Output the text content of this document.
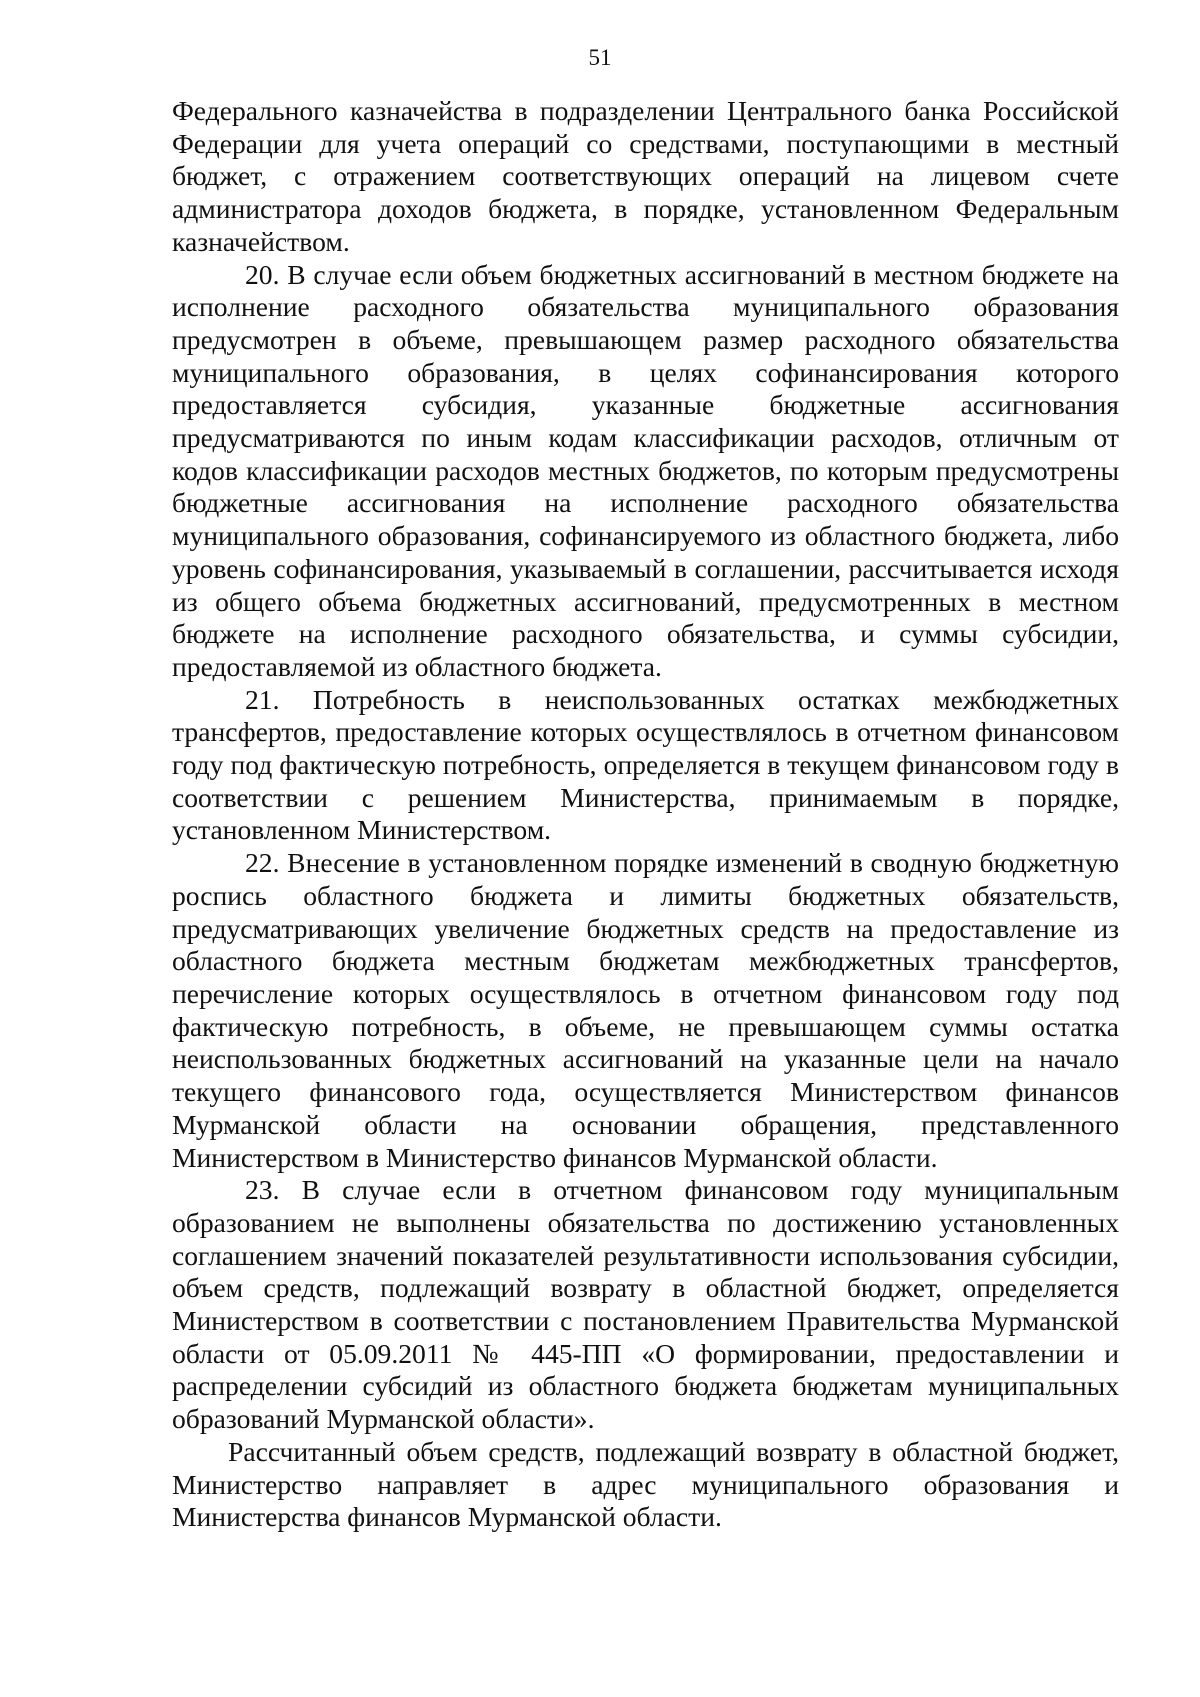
51

Федерального казначейства в подразделении Центрального банка Российской Федерации для учета операций со средствами, поступающими в местный бюджет, с отражением соответствующих операций на лицевом счете администратора доходов бюджета, в порядке, установленном Федеральным казначейством.

20. В случае если объем бюджетных ассигнований в местном бюджете на исполнение расходного обязательства муниципального образования предусмотрен в объеме, превышающем размер расходного обязательства муниципального образования, в целях софинансирования которого предоставляется субсидия, указанные бюджетные ассигнования предусматриваются по иным кодам классификации расходов, отличным от кодов классификации расходов местных бюджетов, по которым предусмотрены бюджетные ассигнования на исполнение расходного обязательства муниципального образования, софинансируемого из областного бюджета, либо уровень софинансирования, указываемый в соглашении, рассчитывается исходя из общего объема бюджетных ассигнований, предусмотренных в местном бюджете на исполнение расходного обязательства, и суммы субсидии, предоставляемой из областного бюджета.

21. Потребность в неиспользованных остатках межбюджетных трансфертов, предоставление которых осуществлялось в отчетном финансовом году под фактическую потребность, определяется в текущем финансовом году в соответствии с решением Министерства, принимаемым в порядке, установленном Министерством.

22. Внесение в установленном порядке изменений в сводную бюджетную роспись областного бюджета и лимиты бюджетных обязательств, предусматривающих увеличение бюджетных средств на предоставление из областного бюджета местным бюджетам межбюджетных трансфертов, перечисление которых осуществлялось в отчетном финансовом году под фактическую потребность, в объеме, не превышающем суммы остатка неиспользованных бюджетных ассигнований на указанные цели на начало текущего финансового года, осуществляется Министерством финансов Мурманской области на основании обращения, представленного Министерством в Министерство финансов Мурманской области.

23. В случае если в отчетном финансовом году муниципальным образованием не выполнены обязательства по достижению установленных соглашением значений показателей результативности использования субсидии, объем средств, подлежащий возврату в областной бюджет, определяется Министерством в соответствии с постановлением Правительства Мурманской области от 05.09.2011 № 445-ПП «О формировании, предоставлении и распределении субсидий из областного бюджета бюджетам муниципальных образований Мурманской области».

Рассчитанный объем средств, подлежащий возврату в областной бюджет, Министерство направляет в адрес муниципального образования и Министерства финансов Мурманской области.
